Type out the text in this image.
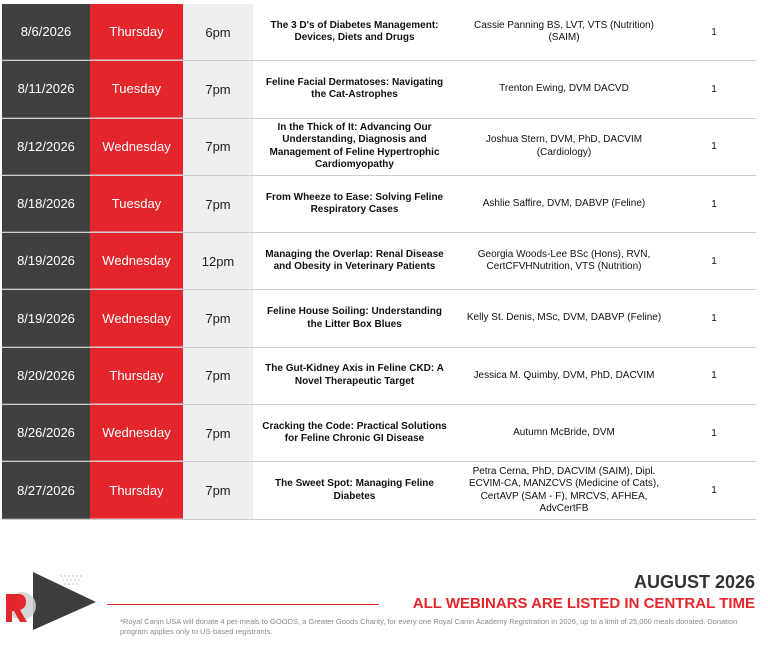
8/6/2026	Thursday	6pm	The 3 D's of Diabetes Management: Devices, Diets and Drugs
Cassie Panning BS, LVT, VTS (Nutrition)(SAIM)	1
8/11/2026	Tuesday	7pm	Feline Facial Dermatoses: Navigating the Cat-Astrophes
Trenton Ewing, DVM DACVD	1
8/12/2026	Wednesday	7pm
In the Thick of It: Advancing Our Understanding, Diagnosis and Management of Feline Hypertrophic Cardiomyopathy
Joshua Stern, DVM, PhD, DACVIM (Cardiology)	1
8/18/2026	Tuesday	7pm	From Wheeze to Ease: Solving Feline Respiratory Cases
Ashlie Saffire, DVM, DABVP (Feline)	1
8/19/2026	Wednesday	12pm	Managing the Overlap: Renal Disease and Obesity in Veterinary Patients
Georgia Woods-Lee BSc (Hons), RVN, CertCFVHNutrition, VTS (Nutrition)	1
8/19/2026	Wednesday	7pm	Feline House Soiling: Understanding the Litter Box Blues
Kelly St. Denis, MSc, DVM, DABVP (Feline)	1
8/20/2026	Thursday	7pm	The Gut-Kidney Axis in Feline CKD: A Novel Therapeutic Target
Jessica M. Quimby, DVM, PhD, DACVIM	1
8/26/2026	Wednesday	7pm	Cracking the Code: Practical Solutions for Feline Chronic GI Disease
Autumn McBride, DVM	1
8/27/2026	Thursday	7pm	The Sweet Spot: Managing Feline Diabetes
Petra Cerna, PhD, DACVIM (SAIM), Dipl. ECVIM-CA, MANZCVS (Medicine of Cats), CertAVP (SAM - F), MRCVS, AFHEA, AdvCertFB
1
AUGUST 2026
ALL WEBINARS ARE LISTED IN CENTRAL TIME
*Royal Canin USA will donate 4 pet-meals to GOODS, a Greater Goods Charity, for every one Royal Canin Academy Registration in 2026, up to a limit of 25,000 meals donated. Donation program applies only to US-based registrants.
